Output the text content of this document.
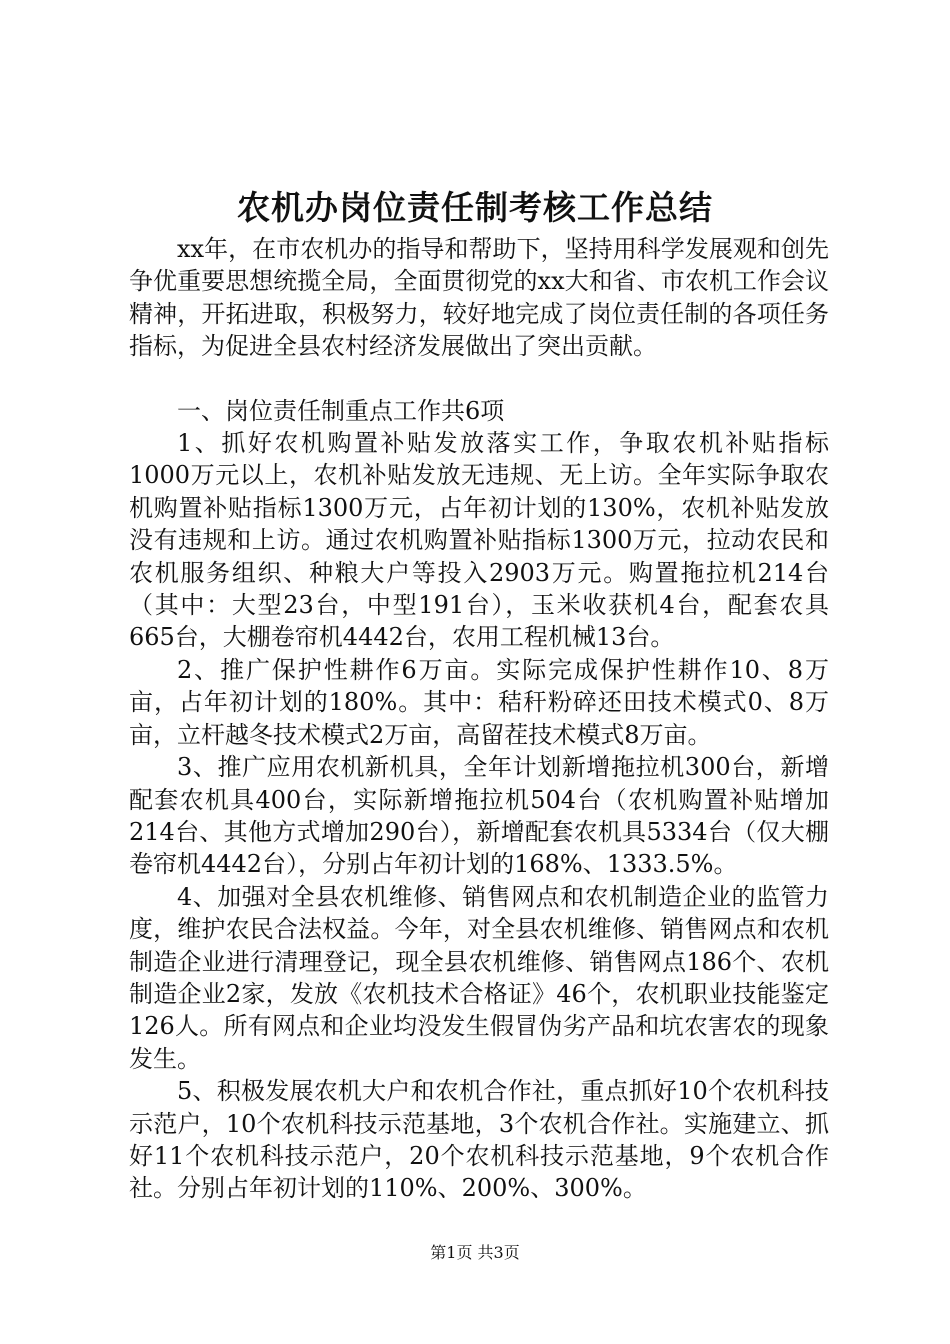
农机办岗位责任制考核工作总结

xx年，在市农机办的指导和帮助下，坚持用科学发展观和创先争优重要思想统揽全局，全面贯彻党的xx大和省、市农机工作会议精神，开拓进取，积极努力，较好地完成了岗位责任制的各项任务指标，为促进全县农村经济发展做出了突出贡献。

一、岗位责任制重点工作共6项

1、抓好农机购置补贴发放落实工作，争取农机补贴指标1000万元以上，农机补贴发放无违规、无上访。全年实际争取农机购置补贴指标1300万元，占年初计划的130%，农机补贴发放没有违规和上访。通过农机购置补贴指标1300万元，拉动农民和农机服务组织、种粮大户等投入2903万元。购置拖拉机214台（其中：大型23台，中型191台），玉米收获机4台，配套农具665台，大棚卷帘机4442台，农用工程机械13台。

2、推广保护性耕作6万亩。实际完成保护性耕作10、8万亩，占年初计划的180%。其中：秸秆粉碎还田技术模式0、8万亩，立杆越冬技术模式2万亩，高留茬技术模式8万亩。

3、推广应用农机新机具，全年计划新增拖拉机300台，新增配套农机具400台，实际新增拖拉机504台（农机购置补贴增加214台、其他方式增加290台），新增配套农机具5334台（仅大棚卷帘机4442台），分别占年初计划的168%、1333.5%。

4、加强对全县农机维修、销售网点和农机制造企业的监管力度，维护农民合法权益。今年，对全县农机维修、销售网点和农机制造企业进行清理登记，现全县农机维修、销售网点186个、农机制造企业2家，发放《农机技术合格证》46个，农机职业技能鉴定126人。所有网点和企业均没发生假冒伪劣产品和坑农害农的现象发生。

5、积极发展农机大户和农机合作社，重点抓好10个农机科技示范户，10个农机科技示范基地，3个农机合作社。实施建立、抓好11个农机科技示范户，20个农机科技示范基地，9个农机合作社。分别占年初计划的110%、200%、300%。

第1页 共3页
